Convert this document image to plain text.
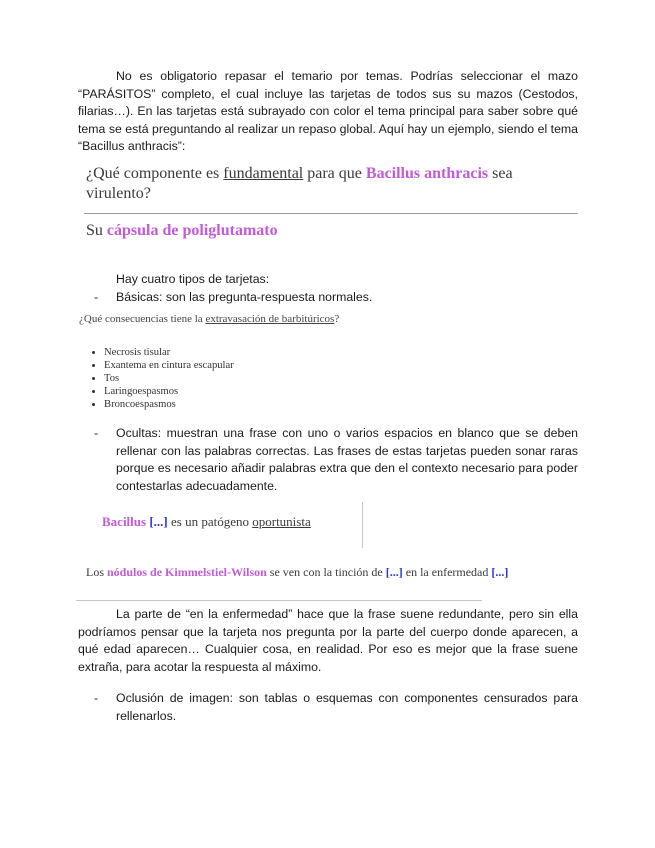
No es obligatorio repasar el temario por temas. Podrías seleccionar el mazo “PARÁSITOS” completo, el cual incluye las tarjetas de todos sus su mazos (Cestodos, filarias…). En las tarjetas está subrayado con color el tema principal para saber sobre qué tema se está preguntando al realizar un repaso global. Aquí hay un ejemplo, siendo el tema “Bacillus anthracis”:

¿Qué componente es fundamental para que Bacillus anthracis sea virulento?
Su cápsula de poliglutamato

Hay cuatro tipos de tarjetas:

- Básicas: son las pregunta-respuesta normales.
¿Qué consecuencias tiene la extravasación de barbitúricos?
• Necrosis tisular
• Exantema en cintura escapular
• Tos
• Laringoespasmos
• Broncoespasmos
- Ocultas: muestran una frase con uno o varios espacios en blanco que se deben rellenar con las palabras correctas. Las frases de estas tarjetas pueden sonar raras porque es necesario añadir palabras extra que den el contexto necesario para poder contestarlas adecuadamente.
Bacillus [...] es un patógeno oportunista
Los nódulos de Kimmelstiel-Wilson se ven con la tinción de [...] en la enfermedad [...]

La parte de “en la enfermedad” hace que la frase suene redundante, pero sin ella podríamos pensar que la tarjeta nos pregunta por la parte del cuerpo donde aparecen, a qué edad aparecen… Cualquier cosa, en realidad. Por eso es mejor que la frase suene extraña, para acotar la respuesta al máximo.

- Oclusión de imagen: son tablas o esquemas con componentes censurados para rellenarlos.
